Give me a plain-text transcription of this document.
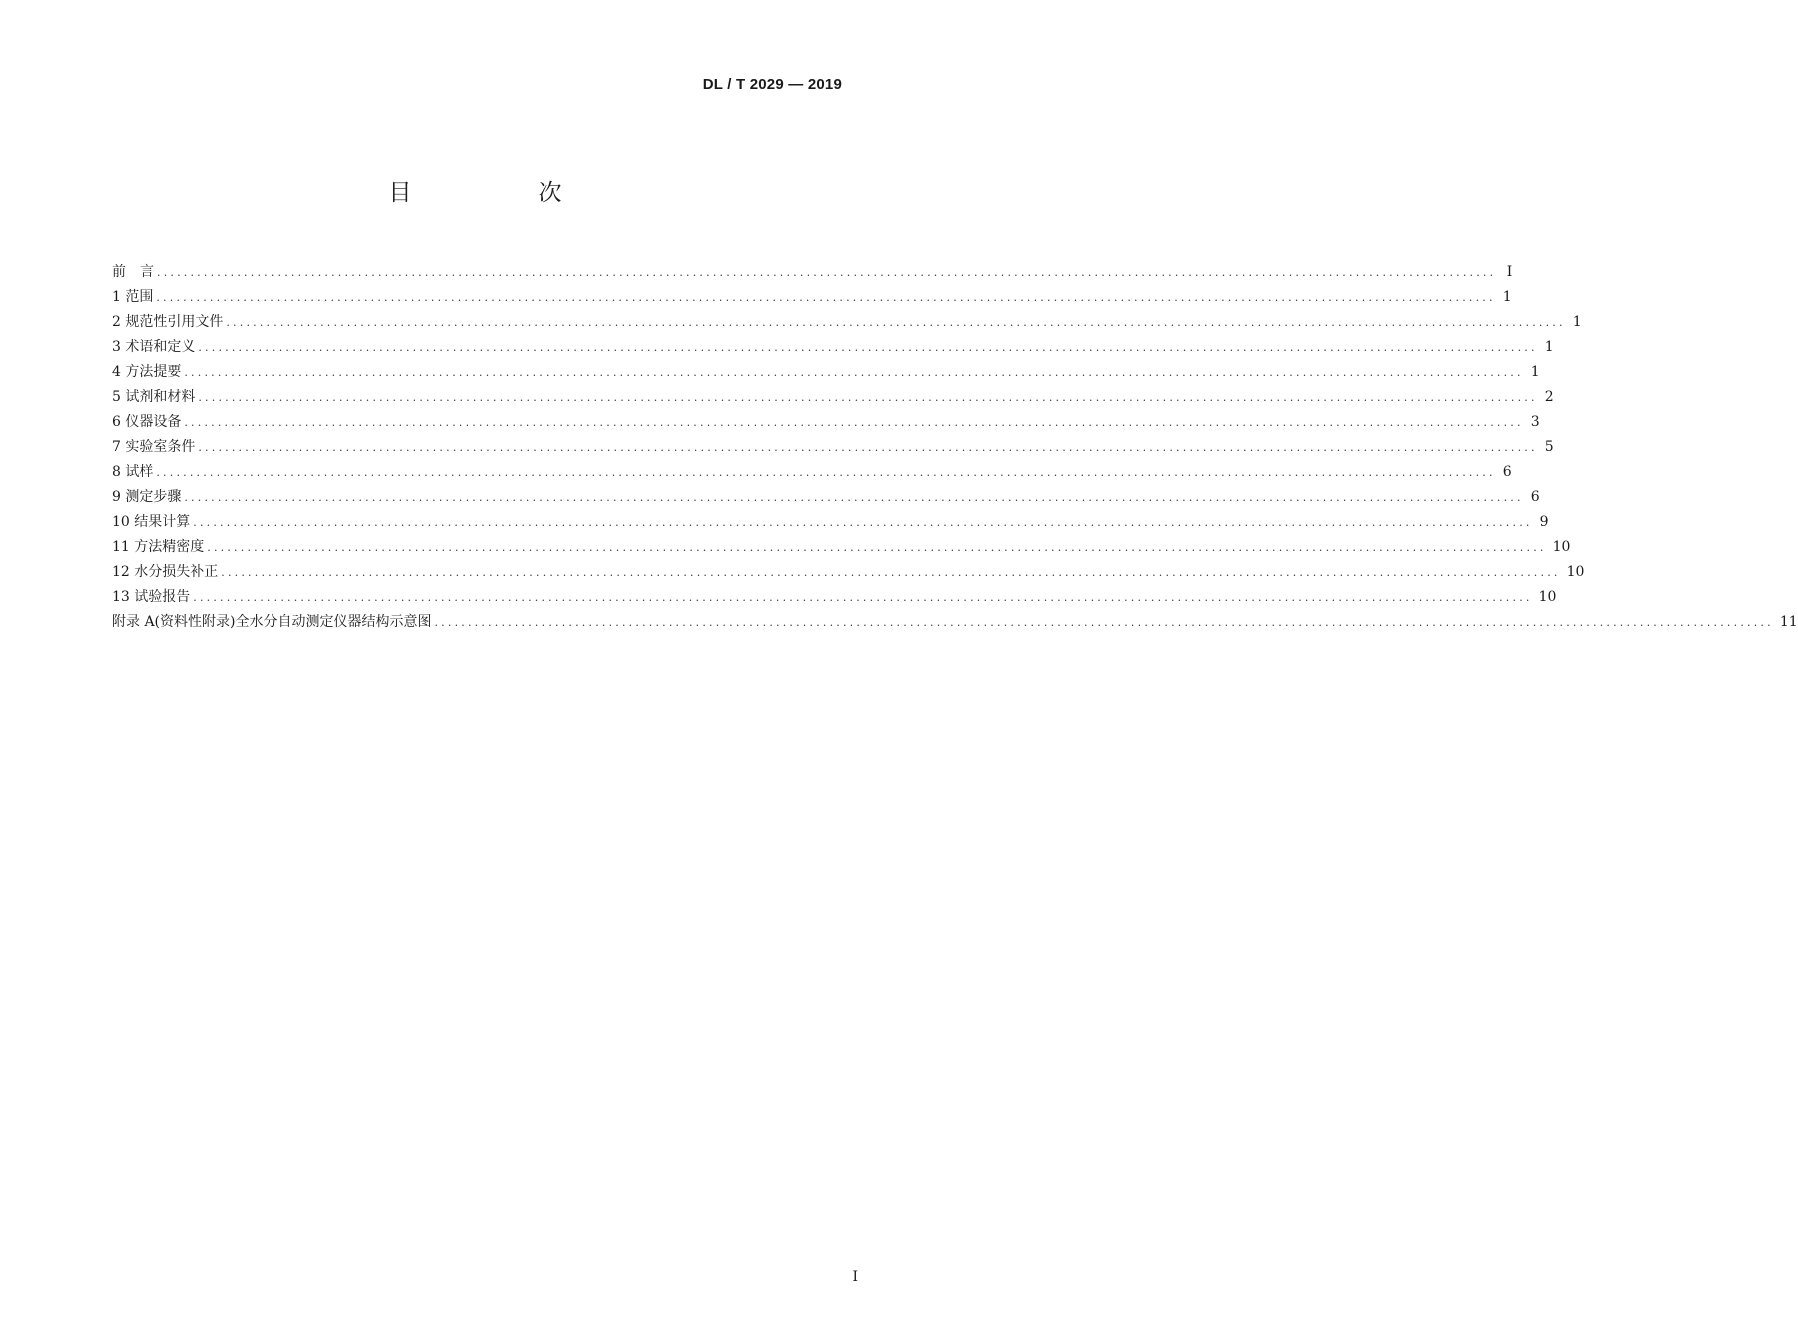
DL / T 2029 — 2019
目　次
前　言 ........................................................................................................................................................................................................ I
1 范围 ........................................................................................................................................................................................................ 1
2 规范性引用文件 ........................................................................................................................................................................................................ 1
3 术语和定义 ........................................................................................................................................................................................................ 1
4 方法提要 ........................................................................................................................................................................................................ 1
5 试剂和材料 ........................................................................................................................................................................................................ 2
6 仪器设备 ........................................................................................................................................................................................................ 3
7 实验室条件 ........................................................................................................................................................................................................ 5
8 试样 ........................................................................................................................................................................................................ 6
9 测定步骤 ........................................................................................................................................................................................................ 6
10 结果计算 ........................................................................................................................................................................................................ 9
11 方法精密度 ........................................................................................................................................................................................................ 10
12 水分损失补正 ........................................................................................................................................................................................................ 10
13 试验报告 ........................................................................................................................................................................................................ 10
附录 A(资料性附录)全水分自动测定仪器结构示意图 ........................................................................................................................................................................................................ 11
I
